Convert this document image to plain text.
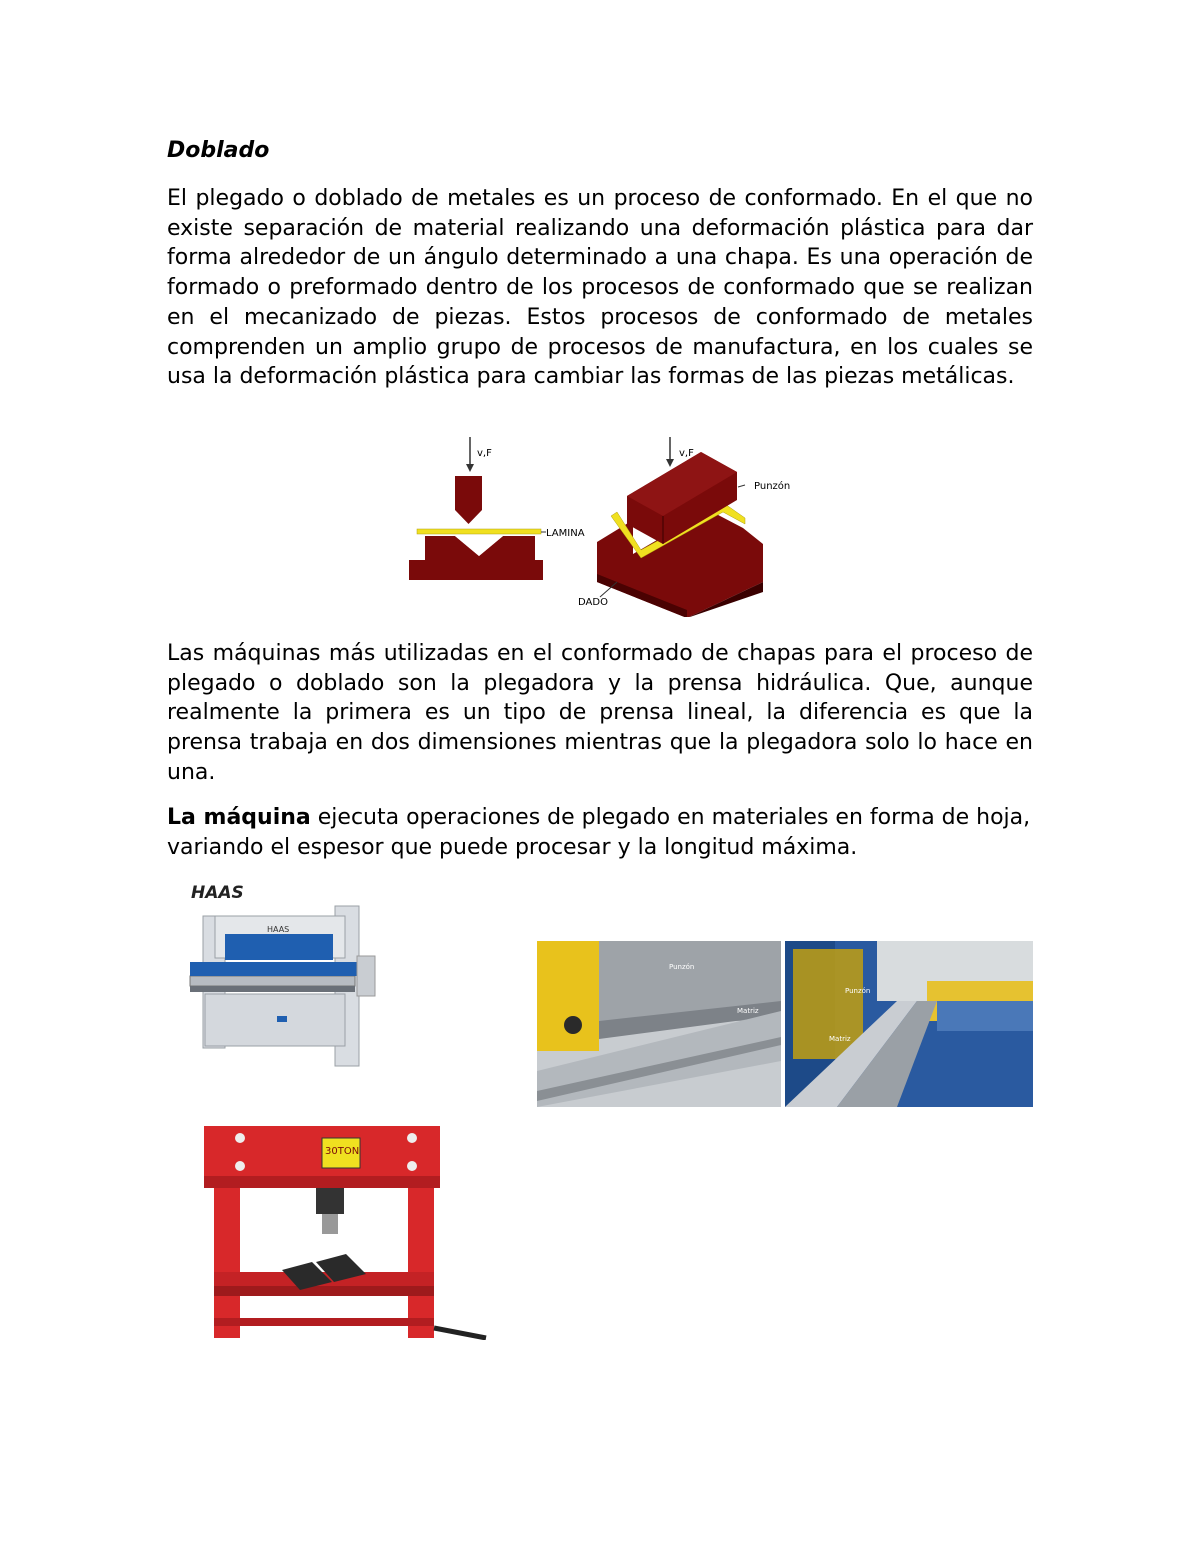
Doblado

El plegado o doblado de metales es un proceso de conformado. En el que no existe separación de material realizando una deformación plástica para dar forma alrededor de un ángulo determinado a una chapa. Es una operación de formado o preformado dentro de los procesos de conformado que se realizan en el mecanizado de piezas. Estos procesos de conformado de metales comprenden un amplio grupo de procesos de manufactura, en los cuales se usa la deformación plástica para cambiar las formas de las piezas metálicas.

v,F
LAMINA
v,F
Punzón
DADO

Las máquinas más utilizadas en el conformado de chapas para el proceso de plegado o doblado son la plegadora y la prensa hidráulica. Que, aunque realmente la primera es un tipo de prensa lineal, la diferencia es que la prensa trabaja en dos dimensiones mientras que la plegadora solo lo hace en una.

La máquina ejecuta operaciones de plegado en materiales en forma de hoja, variando el espesor que puede procesar y la longitud máxima.

HAAS
HAAS
Punzón
Matriz
Punzón
Matriz
30TON
